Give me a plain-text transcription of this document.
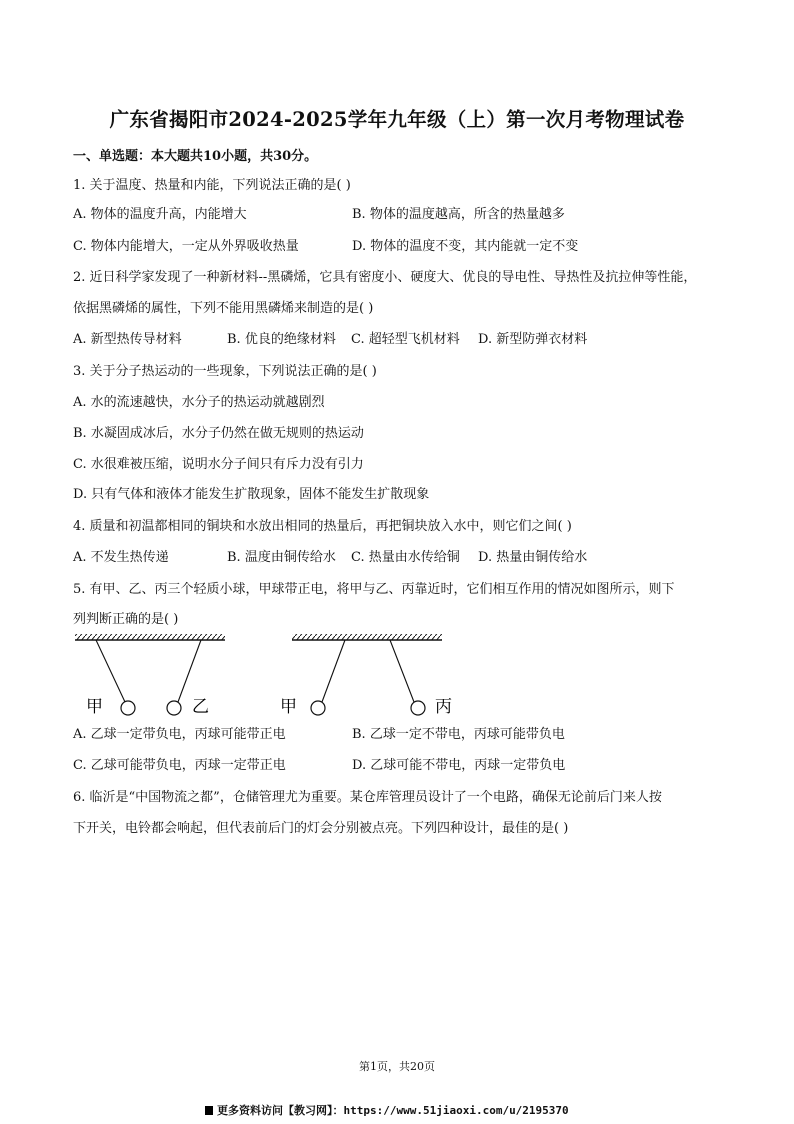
广东省揭阳市2024-2025学年九年级（上）第一次月考物理试卷
一、单选题：本大题共10小题，共30分。
1. 关于温度、热量和内能，下列说法正确的是( )
A. 物体的温度升高，内能增大	B. 物体的温度越高，所含的热量越多
C. 物体内能增大，一定从外界吸收热量	D. 物体的温度不变，其内能就一定不变
2. 近日科学家发现了一种新材料--黑磷烯，它具有密度小、硬度大、优良的导电性、导热性及抗拉伸等性能，
依据黑磷烯的属性，下列不能用黑磷烯来制造的是( )
A. 新型热传导材料	B. 优良的绝缘材料 C. 超轻型飞机材料 D. 新型防弹衣材料
3. 关于分子热运动的一些现象，下列说法正确的是( )
A. 水的流速越快，水分子的热运动就越剧烈
B. 水凝固成冰后，水分子仍然在做无规则的热运动
C. 水很难被压缩，说明水分子间只有斥力没有引力
D. 只有气体和液体才能发生扩散现象，固体不能发生扩散现象
4. 质量和初温都相同的铜块和水放出相同的热量后，再把铜块放入水中，则它们之间( )
A. 不发生热传递	B. 温度由铜传给水 C. 热量由水传给铜 D. 热量由铜传给水
5. 有甲、乙、丙三个轻质小球，甲球带正电，将甲与乙、丙靠近时，它们相互作用的情况如图所示，则下
列判断正确的是( )
甲	乙	甲	丙
A. 乙球一定带负电，丙球可能带正电	B. 乙球一定不带电，丙球可能带负电
C. 乙球可能带负电，丙球一定带正电	D. 乙球可能不带电，丙球一定带负电
6. 临沂是“中国物流之都”，仓储管理尤为重要。某仓库管理员设计了一个电路，确保无论前后门来人按
下开关，电铃都会响起，但代表前后门的灯会分别被点亮。下列四种设计，最佳的是( )
第1页，共20页
更多资料访问【教习网】：https://www.51jiaoxi.com/u/2195370
